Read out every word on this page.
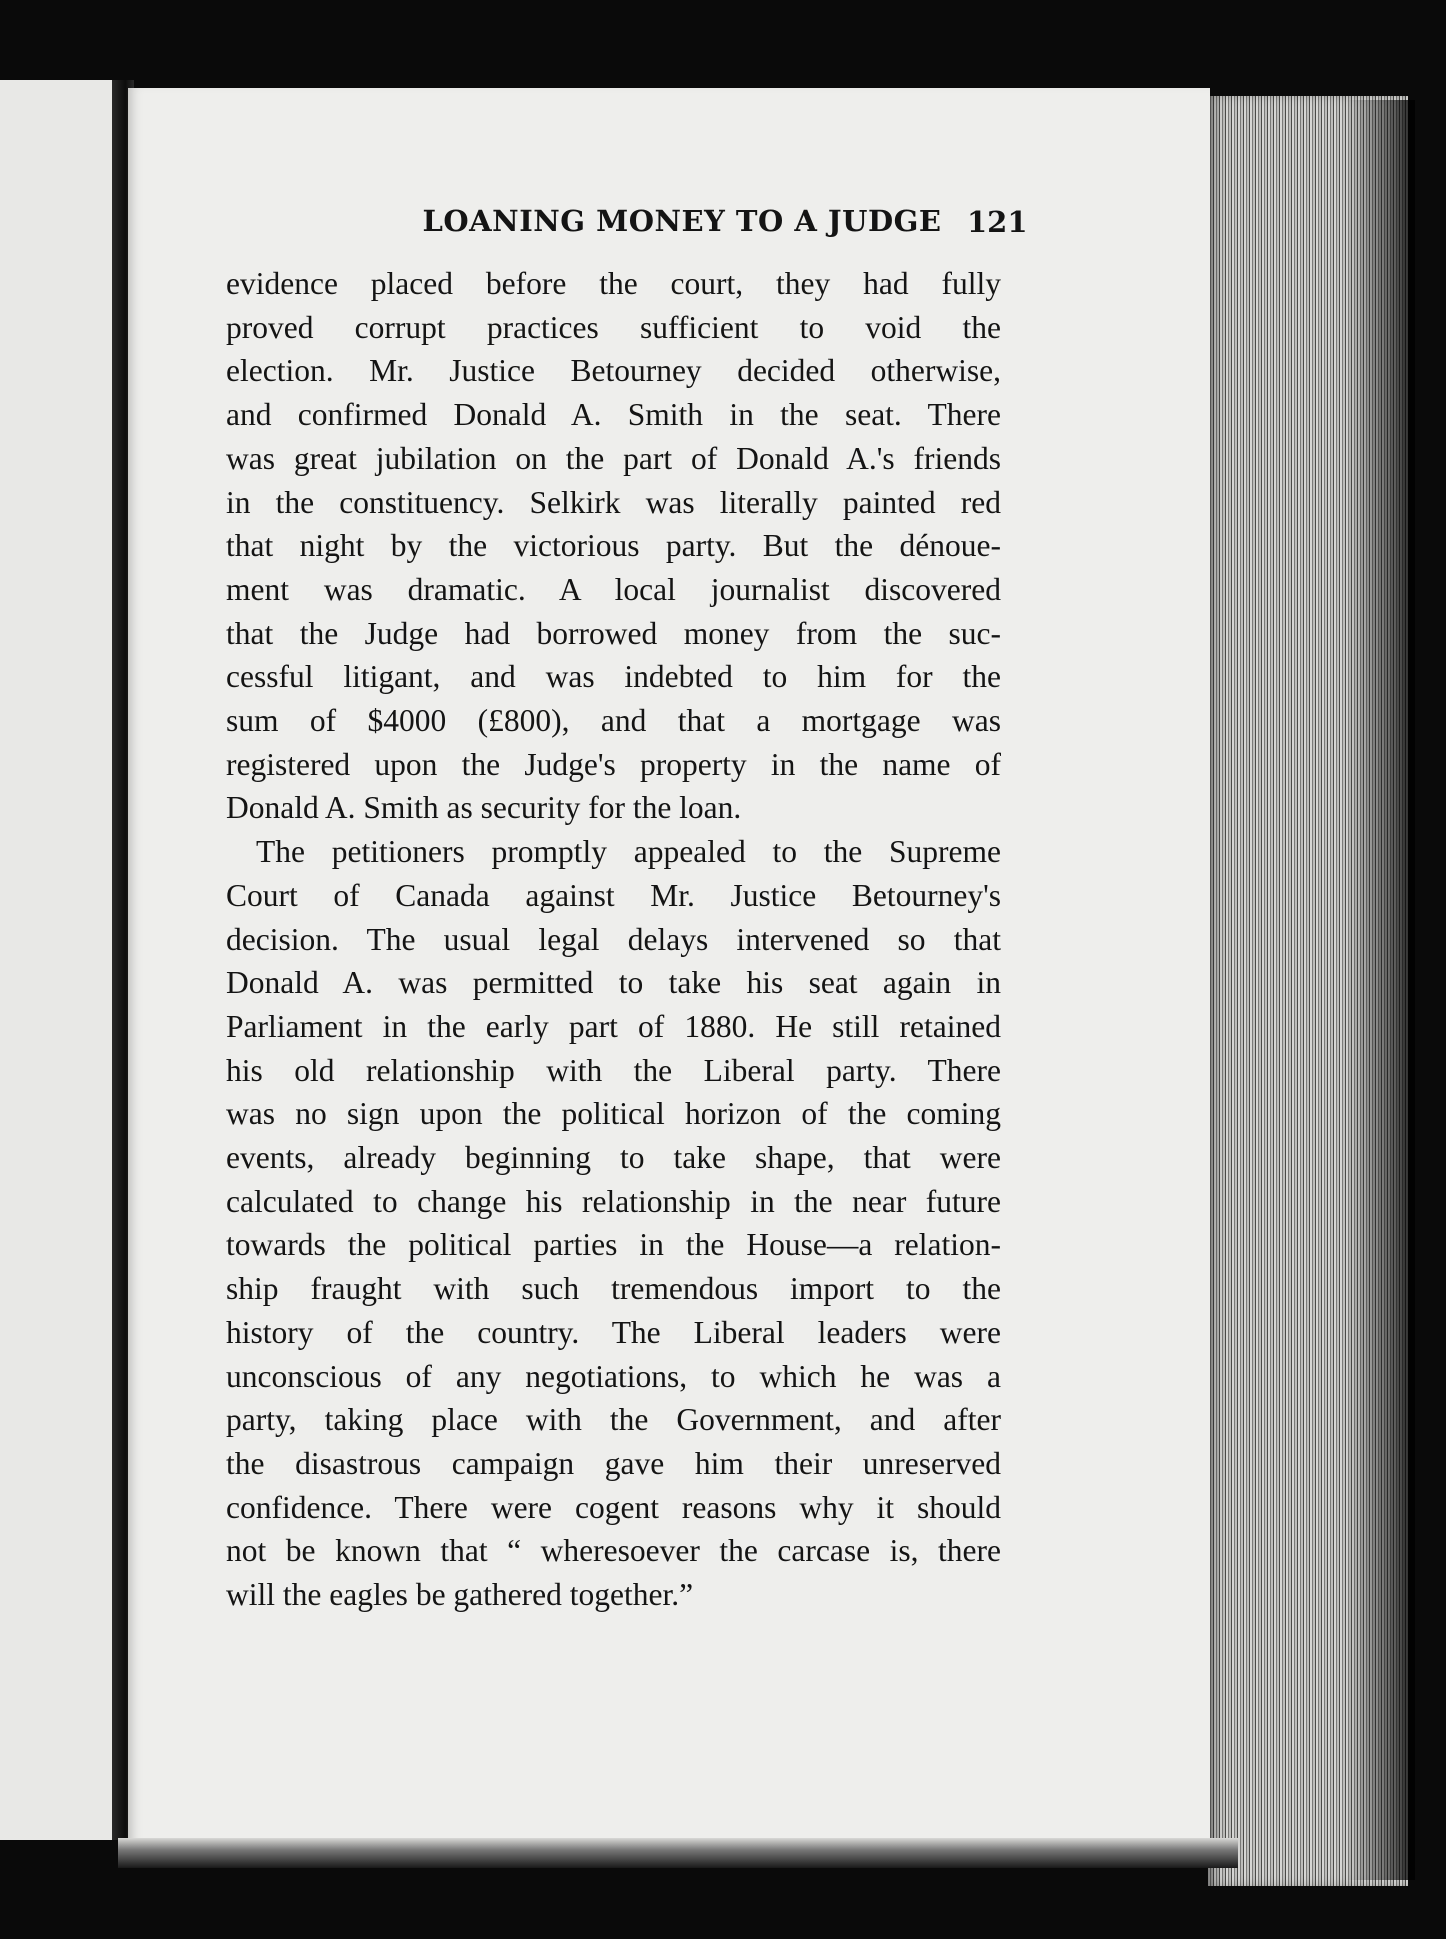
LOANING MONEY TO A JUDGE 121
evidence placed before the court, they had fully
proved corrupt practices sufficient to void the
election. Mr. Justice Betourney decided otherwise,
and confirmed Donald A. Smith in the seat. There
was great jubilation on the part of Donald A.'s friends
in the constituency. Selkirk was literally painted red
that night by the victorious party. But the dénoue-
ment was dramatic. A local journalist discovered
that the Judge had borrowed money from the suc-
cessful litigant, and was indebted to him for the
sum of $4000 (£800), and that a mortgage was
registered upon the Judge's property in the name of
Donald A. Smith as security for the loan.
The petitioners promptly appealed to the Supreme
Court of Canada against Mr. Justice Betourney's
decision. The usual legal delays intervened so that
Donald A. was permitted to take his seat again in
Parliament in the early part of 1880. He still retained
his old relationship with the Liberal party. There
was no sign upon the political horizon of the coming
events, already beginning to take shape, that were
calculated to change his relationship in the near future
towards the political parties in the House—a relation-
ship fraught with such tremendous import to the
history of the country. The Liberal leaders were
unconscious of any negotiations, to which he was a
party, taking place with the Government, and after
the disastrous campaign gave him their unreserved
confidence. There were cogent reasons why it should
not be known that “ wheresoever the carcase is, there
will the eagles be gathered together.”
